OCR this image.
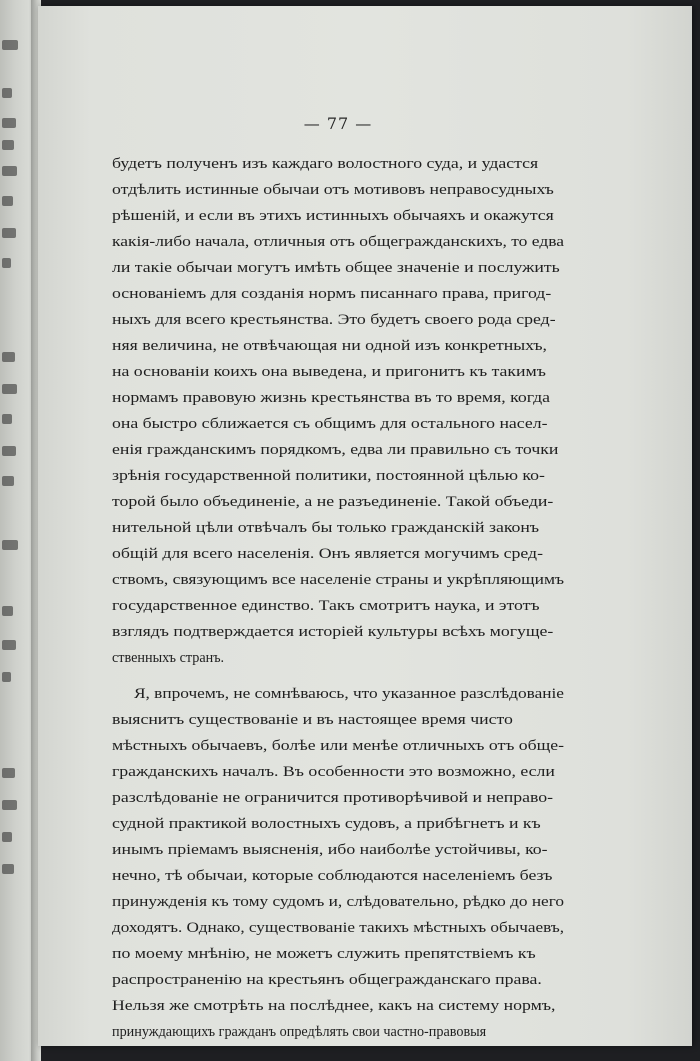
— 77 —
будетъ полученъ изъ каждаго волостного суда, и удастся
отдѣлить истинные обычаи отъ мотивовъ неправосудныхъ
рѣшеній, и если въ этихъ истинныхъ обычаяхъ и окажутся
какія-либо начала, отличныя отъ общегражданскихъ, то едва
ли такіе обычаи могутъ имѣть общее значеніе и послужить
основаніемъ для созданія нормъ писаннаго права, пригод-
ныхъ для всего крестьянства. Это будетъ своего рода сред-
няя величина, не отвѣчающая ни одной изъ конкретныхъ,
на основаніи коихъ она выведена, и пригонитъ къ такимъ
нормамъ правовую жизнь крестьянства въ то время, когда
она быстро сближается съ общимъ для остального насел-
енія гражданскимъ порядкомъ, едва ли правильно съ точки
зрѣнія государственной политики, постоянной цѣлью ко-
торой было объединеніе, а не разъединеніе. Такой объеди-
нительной цѣли отвѣчалъ бы только гражданскій законъ
общій для всего населенія. Онъ является могучимъ сред-
ствомъ, связующимъ все населеніе страны и укрѣпляющимъ
государственное единство. Такъ смотритъ наука, и этотъ
взглядъ подтверждается исторіей культуры всѣхъ могуще-
ственныхъ странъ.
Я, впрочемъ, не сомнѣваюсь, что указанное разслѣдованіе
выяснитъ существованіе и въ настоящее время чисто
мѣстныхъ обычаевъ, болѣе или менѣе отличныхъ отъ обще-
гражданскихъ началъ. Въ особенности это возможно, если
разслѣдованіе не ограничится противорѣчивой и неправо-
судной практикой волостныхъ судовъ, а прибѣгнетъ и къ
инымъ пріемамъ выясненія, ибо наиболѣе устойчивы, ко-
нечно, тѣ обычаи, которые соблюдаются населеніемъ безъ
принужденія къ тому судомъ и, слѣдовательно, рѣдко до него
доходятъ. Однако, существованіе такихъ мѣстныхъ обычаевъ,
по моему мнѣнію, не можетъ служить препятствіемъ къ
распространенію на крестьянъ общегражданскаго права.
Нельзя же смотрѣть на послѣднее, какъ на систему нормъ,
принуждающихъ гражданъ опредѣлять свои частно-правовыя
